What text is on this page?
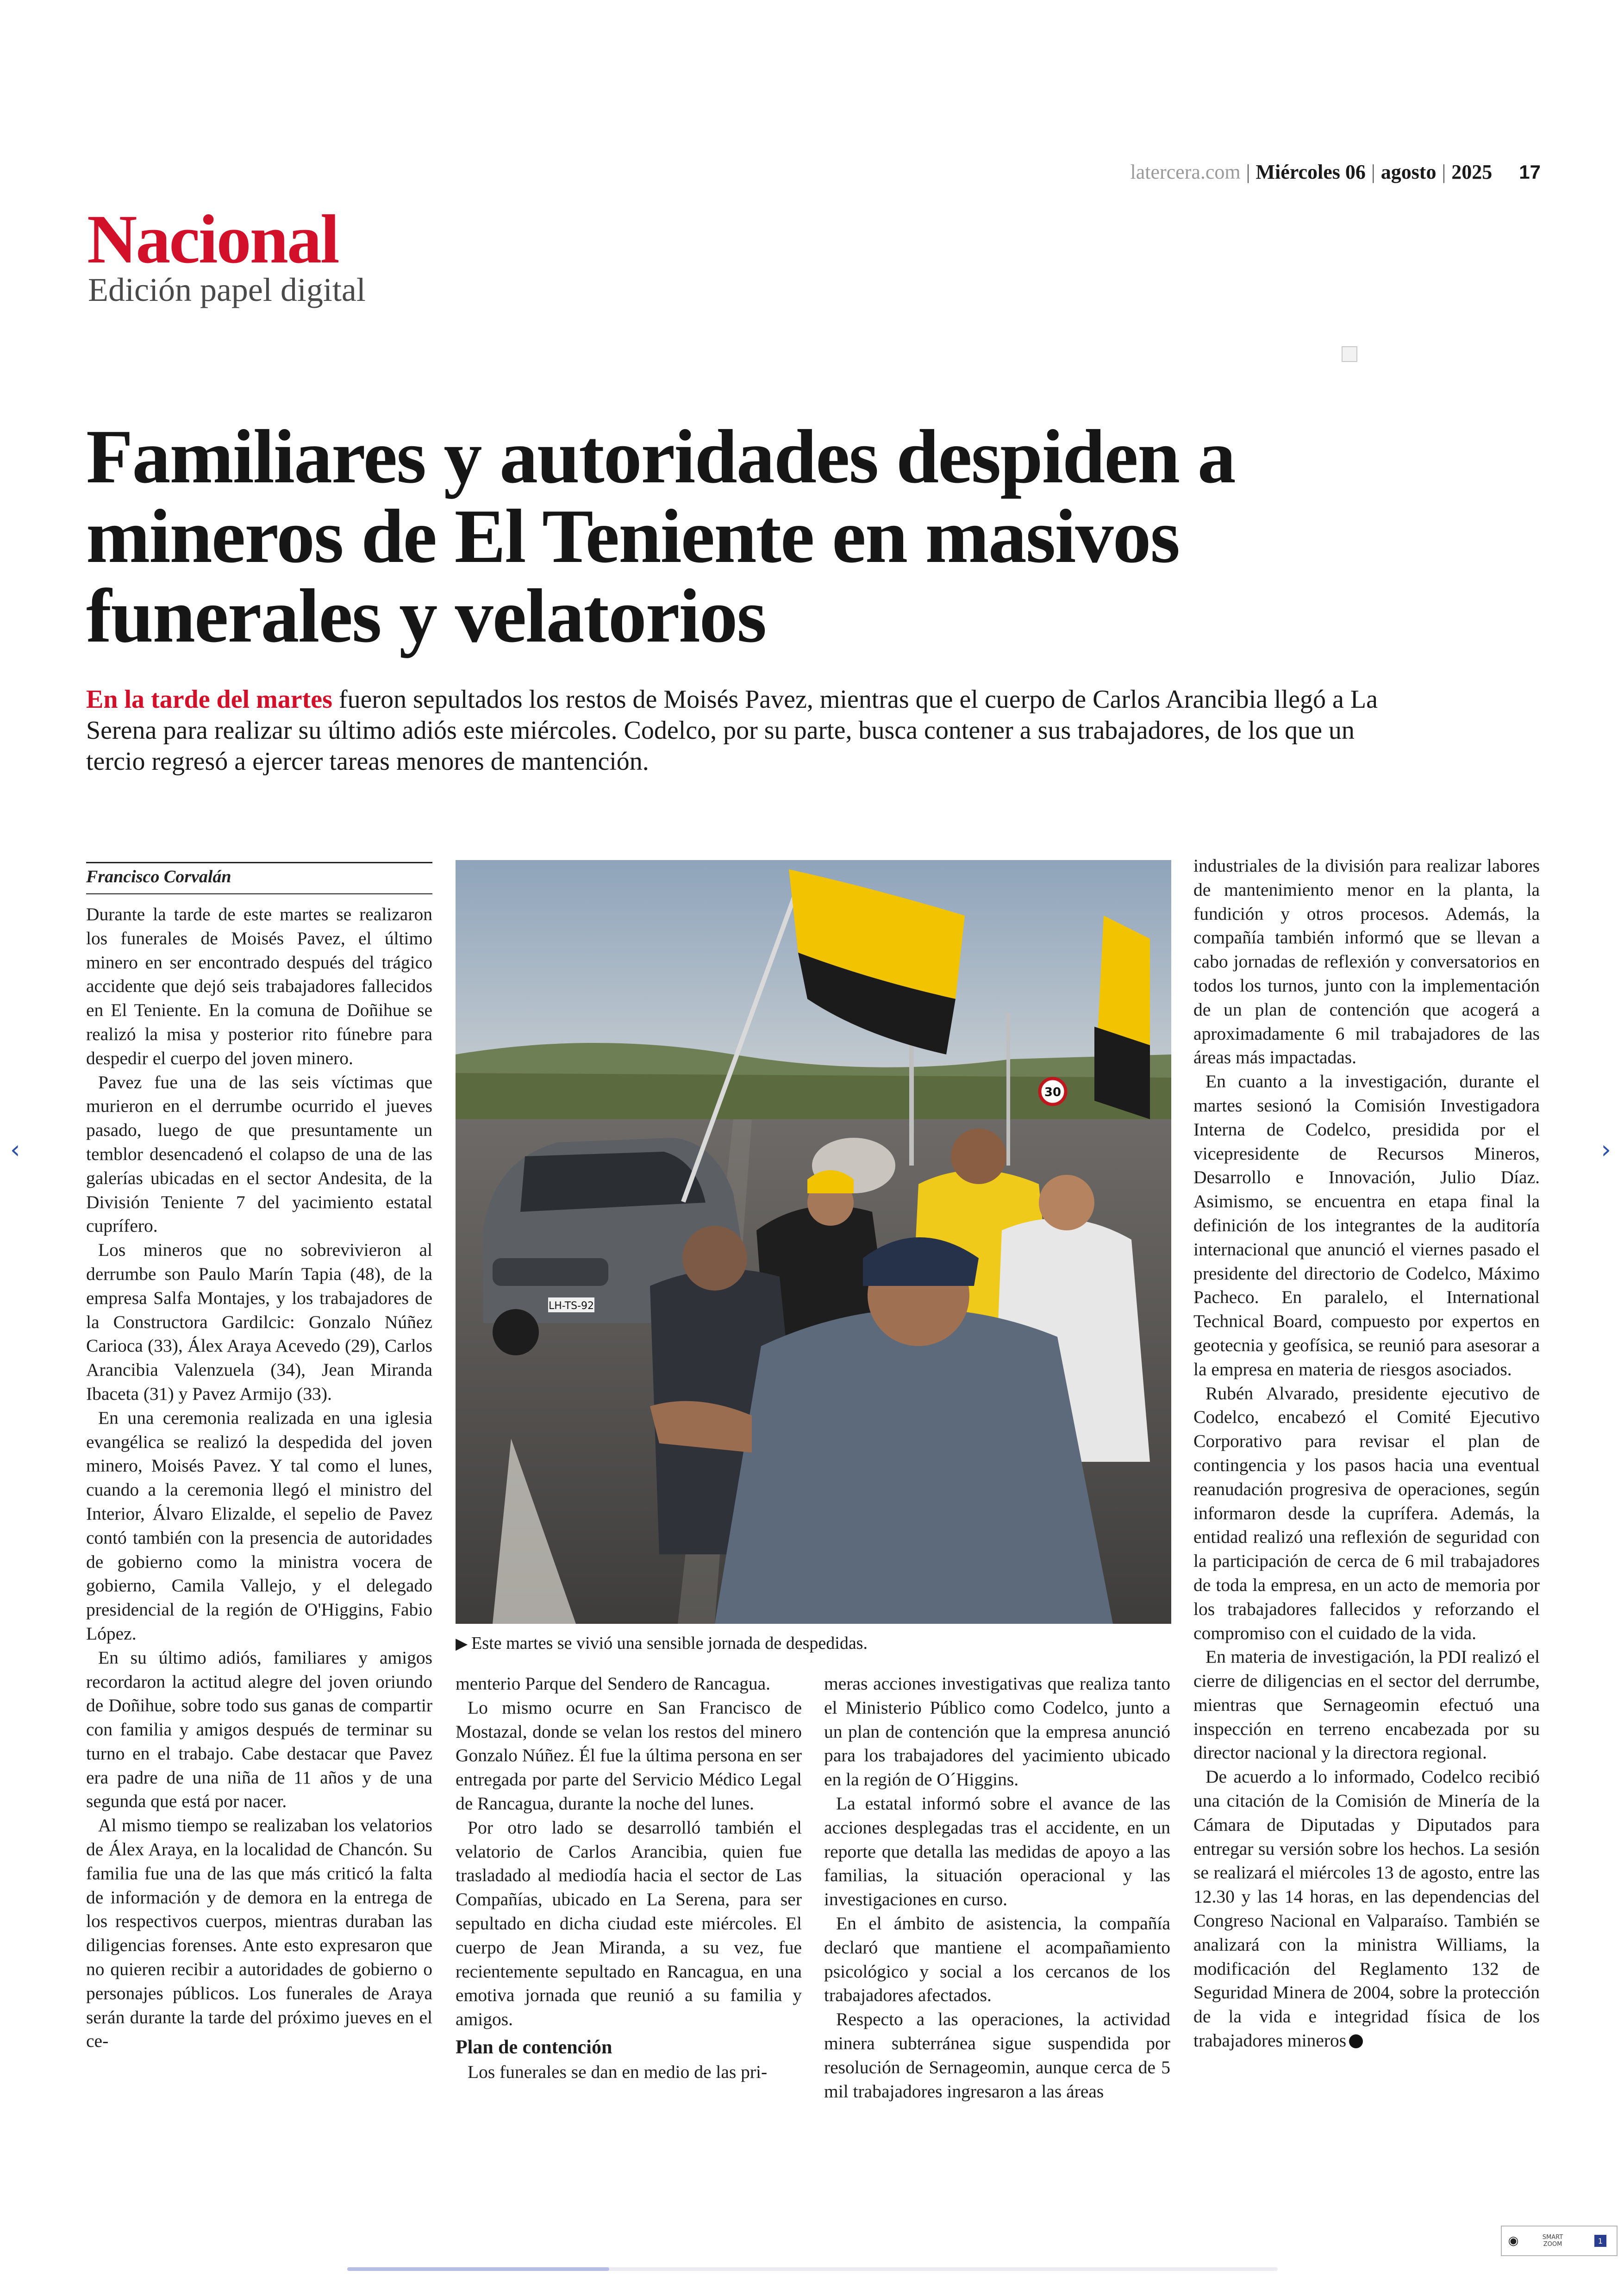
latercera.com | Miércoles 06 | agosto | 2025 17
Nacional
Edición papel digital
Familiares y autoridades despiden a mineros de El Teniente en masivos funerales y velatorios

En la tarde del martes fueron sepultados los restos de Moisés Pavez, mientras que el cuerpo de Carlos Arancibia llegó a La Serena para realizar su último adiós este miércoles. Codelco, por su parte, busca contener a sus trabajadores, de los que un tercio regresó a ejercer tareas menores de mantención.

Francisco Corvalán

Durante la tarde de este martes se realizaron los funerales de Moisés Pavez, el último minero en ser encontrado después del trágico accidente que dejó seis trabajadores fallecidos en El Teniente. En la comuna de Doñihue se realizó la misa y posterior rito fúnebre para despedir el cuerpo del joven minero.

Pavez fue una de las seis víctimas que murieron en el derrumbe ocurrido el jueves pasado, luego de que presuntamente un temblor desencadenó el colapso de una de las galerías ubicadas en el sector Andesita, de la División Teniente 7 del yacimiento estatal cuprífero.

Los mineros que no sobrevivieron al derrumbe son Paulo Marín Tapia (48), de la empresa Salfa Montajes, y los trabajadores de la Constructora Gardilcic: Gonzalo Núñez Carioca (33), Álex Araya Acevedo (29), Carlos Arancibia Valenzuela (34), Jean Miranda Ibaceta (31) y Pavez Armijo (33).

En una ceremonia realizada en una iglesia evangélica se realizó la despedida del joven minero, Moisés Pavez. Y tal como el lunes, cuando a la ceremonia llegó el ministro del Interior, Álvaro Elizalde, el sepelio de Pavez contó también con la presencia de autoridades de gobierno como la ministra vocera de gobierno, Camila Vallejo, y el delegado presidencial de la región de O'Higgins, Fabio López.

En su último adiós, familiares y amigos recordaron la actitud alegre del joven oriundo de Doñihue, sobre todo sus ganas de compartir con familia y amigos después de terminar su turno en el trabajo. Cabe destacar que Pavez era padre de una niña de 11 años y de una segunda que está por nacer.

Al mismo tiempo se realizaban los velatorios de Álex Araya, en la localidad de Chancón. Su familia fue una de las que más criticó la falta de información y de demora en la entrega de los respectivos cuerpos, mientras duraban las diligencias forenses. Ante esto expresaron que no quieren recibir a autoridades de gobierno o personajes públicos. Los funerales de Araya serán durante la tarde del próximo jueves en el ce-

30
LH-TS-92
▶ Este martes se vivió una sensible jornada de despedidas.

menterio Parque del Sendero de Rancagua.

Lo mismo ocurre en San Francisco de Mostazal, donde se velan los restos del minero Gonzalo Núñez. Él fue la última persona en ser entregada por parte del Servicio Médico Legal de Rancagua, durante la noche del lunes.

Por otro lado se desarrolló también el velatorio de Carlos Arancibia, quien fue trasladado al mediodía hacia el sector de Las Compañías, ubicado en La Serena, para ser sepultado en dicha ciudad este miércoles. El cuerpo de Jean Miranda, a su vez, fue recientemente sepultado en Rancagua, en una emotiva jornada que reunió a su familia y amigos.

Plan de contención

Los funerales se dan en medio de las pri-

meras acciones investigativas que realiza tanto el Ministerio Público como Codelco, junto a un plan de contención que la empresa anunció para los trabajadores del yacimiento ubicado en la región de O´Higgins.

La estatal informó sobre el avance de las acciones desplegadas tras el accidente, en un reporte que detalla las medidas de apoyo a las familias, la situación operacional y las investigaciones en curso.

En el ámbito de asistencia, la compañía declaró que mantiene el acompañamiento psicológico y social a los cercanos de los trabajadores afectados.

Respecto a las operaciones, la actividad minera subterránea sigue suspendida por resolución de Sernageomin, aunque cerca de 5 mil trabajadores ingresaron a las áreas

industriales de la división para realizar labores de mantenimiento menor en la planta, la fundición y otros procesos. Además, la compañía también informó que se llevan a cabo jornadas de reflexión y conversatorios en todos los turnos, junto con la implementación de un plan de contención que acogerá a aproximadamente 6 mil trabajadores de las áreas más impactadas.

En cuanto a la investigación, durante el martes sesionó la Comisión Investigadora Interna de Codelco, presidida por el vicepresidente de Recursos Mineros, Desarrollo e Innovación, Julio Díaz. Asimismo, se encuentra en etapa final la definición de los integrantes de la auditoría internacional que anunció el viernes pasado el presidente del directorio de Codelco, Máximo Pacheco. En paralelo, el International Technical Board, compuesto por expertos en geotecnia y geofísica, se reunió para asesorar a la empresa en materia de riesgos asociados.

Rubén Alvarado, presidente ejecutivo de Codelco, encabezó el Comité Ejecutivo Corporativo para revisar el plan de contingencia y los pasos hacia una eventual reanudación progresiva de operaciones, según informaron desde la cuprífera. Además, la entidad realizó una reflexión de seguridad con la participación de cerca de 6 mil trabajadores de toda la empresa, en un acto de memoria por los trabajadores fallecidos y reforzando el compromiso con el cuidado de la vida.

En materia de investigación, la PDI realizó el cierre de diligencias en el sector del derrumbe, mientras que Sernageomin efectuó una inspección en terreno encabezada por su director nacional y la directora regional.

De acuerdo a lo informado, Codelco recibió una citación de la Comisión de Minería de la Cámara de Diputadas y Diputados para entregar su versión sobre los hechos. La sesión se realizará el miércoles 13 de agosto, entre las 12.30 y las 14 horas, en las dependencias del Congreso Nacional en Valparaíso. También se analizará con la ministra Williams, la modificación del Reglamento 132 de Seguridad Minera de 2004, sobre la protección de la vida e integridad física de los trabajadores mineros

‹	›
◉	SMART
ZOOM	1
